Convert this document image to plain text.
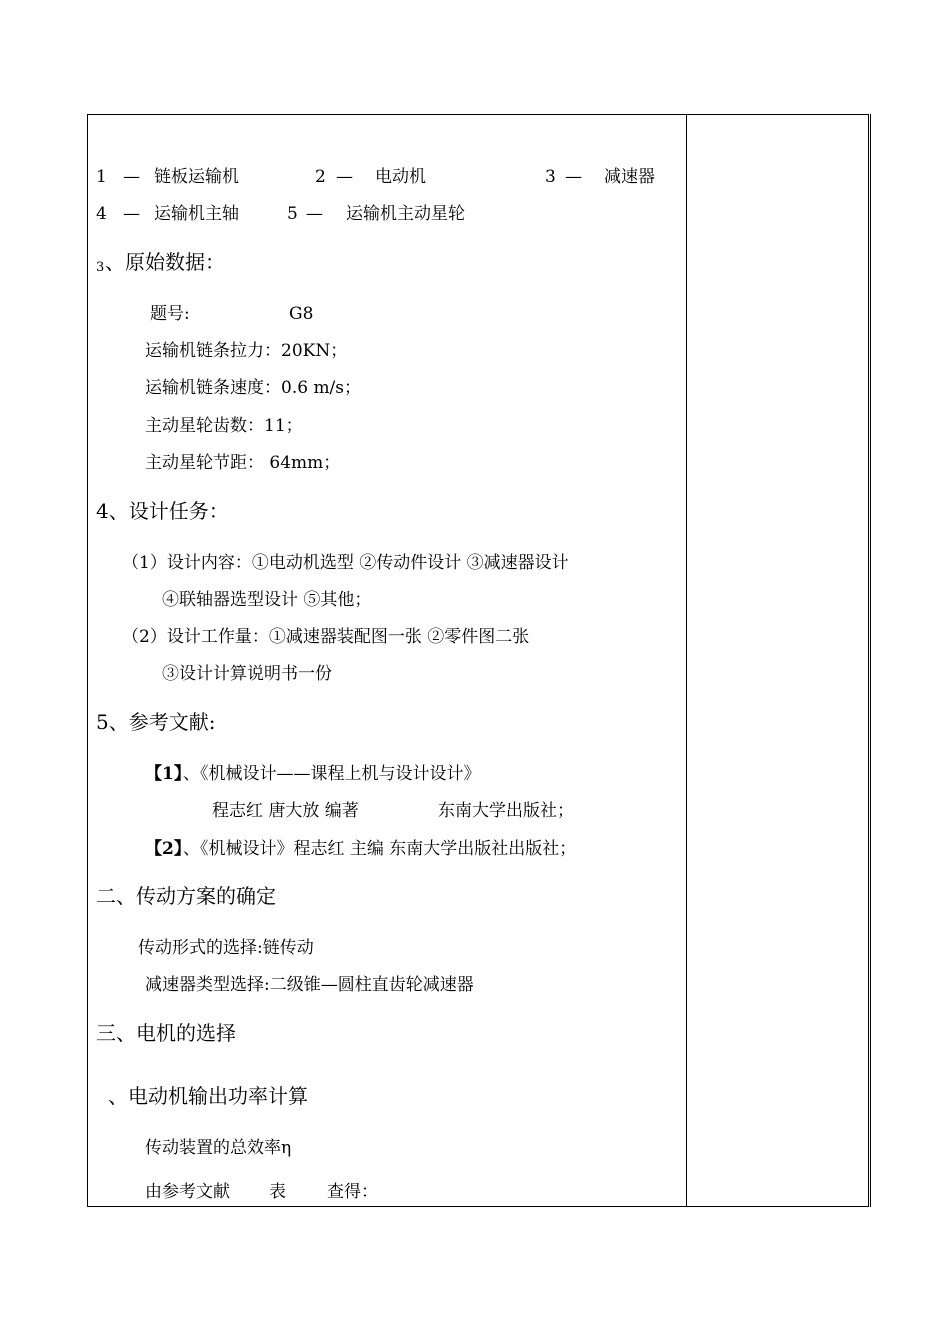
1 — 链板运输机	2 — 电动机	3 — 减速器
4 — 运输机主轴	5 — 运输机主动星轮
3 、原始数据：
题号:	G8
运输机链条拉力：20KN；
运输机链条速度：0.6 m/s；
主动星轮齿数：11；
主动星轮节距： 64mm；
4、设计任务：
（1）设计内容：①电动机选型 ②传动件设计 ③减速器设计
④联轴器选型设计 ⑤其他；
（2）设计工作量：①减速器装配图一张 ②零件图二张
③设计计算说明书一份
5、参考文献:
【1】
、《机械设计——课程上机与设计设计》
程志红 唐大放 编著	东南大学出版社；
【2】
、《机械设计》程志红 主编 东南大学出版社出版社；
二、传动方案的确定
传动形式的选择:链传动
减速器类型选择:二级锥—圆柱直齿轮减速器
三、电机的选择
、电动机输出功率计算
传动装置的总效率η
由参考文献 表 查得：
